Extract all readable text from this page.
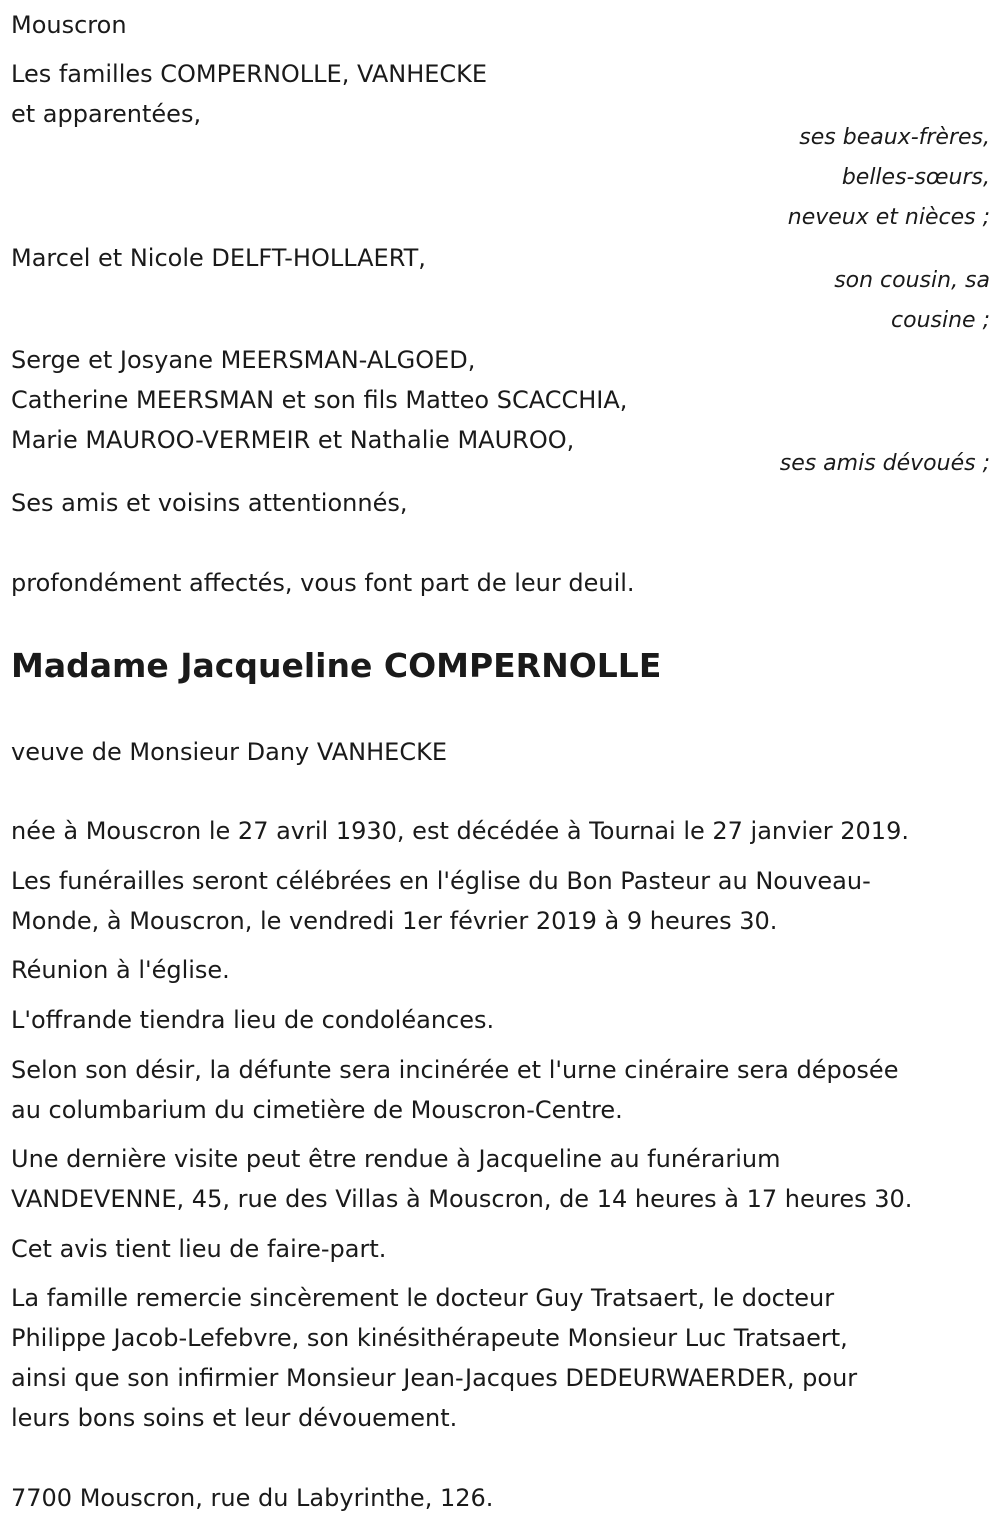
Mouscron
Les familles COMPERNOLLE, VANHECKE
et apparentées,
ses beaux-frères,
belles-sœurs,
neveux et nièces ;
Marcel et Nicole DELFT-HOLLAERT,
son cousin, sa
cousine ;
Serge et Josyane MEERSMAN-ALGOED,
Catherine MEERSMAN et son fils Matteo SCACCHIA,
Marie MAUROO-VERMEIR et Nathalie MAUROO,
ses amis dévoués ;
Ses amis et voisins attentionnés,
profondément affectés, vous font part de leur deuil.
Madame Jacqueline COMPERNOLLE
veuve de Monsieur Dany VANHECKE
née à Mouscron le 27 avril 1930, est décédée à Tournai le 27 janvier 2019.
Les funérailles seront célébrées en l'église du Bon Pasteur au Nouveau-
Monde, à Mouscron, le vendredi 1er février 2019 à 9 heures 30.
Réunion à l'église.
L'offrande tiendra lieu de condoléances.
Selon son désir, la défunte sera incinérée et l'urne cinéraire sera déposée
au columbarium du cimetière de Mouscron-Centre.
Une dernière visite peut être rendue à Jacqueline au funérarium
VANDEVENNE, 45, rue des Villas à Mouscron, de 14 heures à 17 heures 30.
Cet avis tient lieu de faire-part.
La famille remercie sincèrement le docteur Guy Tratsaert, le docteur
Philippe Jacob-Lefebvre, son kinésithérapeute Monsieur Luc Tratsaert,
ainsi que son infirmier Monsieur Jean-Jacques DEDEURWAERDER, pour
leurs bons soins et leur dévouement.
7700 Mouscron, rue du Labyrinthe, 126.
